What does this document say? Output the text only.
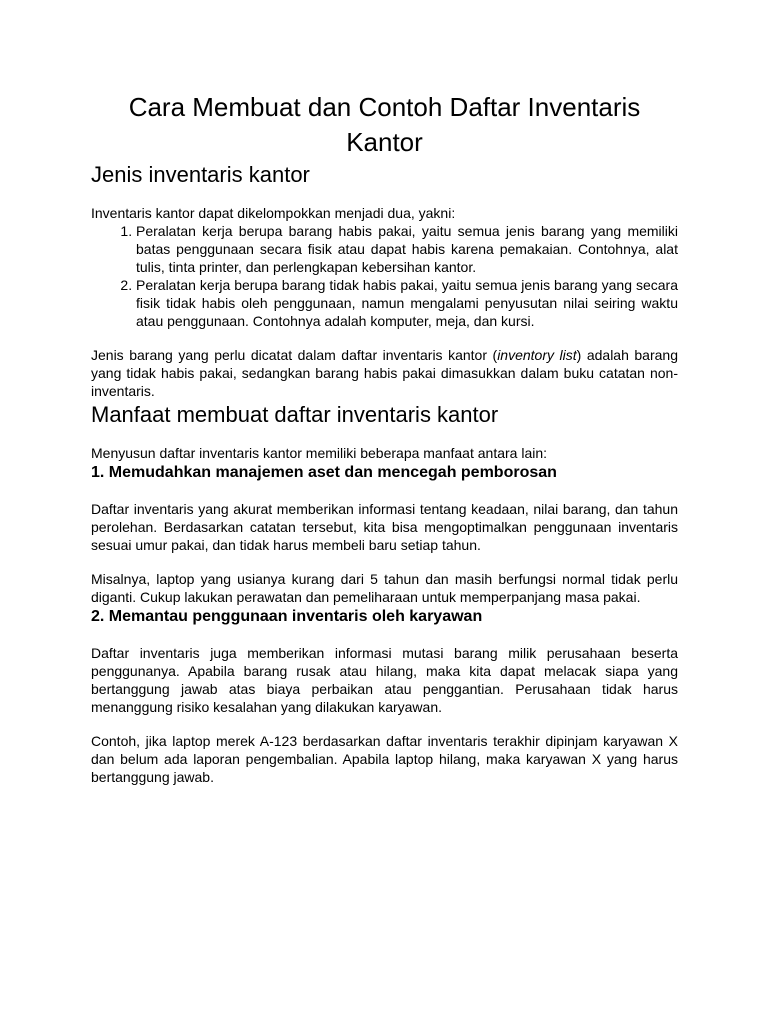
Cara Membuat dan Contoh Daftar Inventaris Kantor
Jenis inventaris kantor

Inventaris kantor dapat dikelompokkan menjadi dua, yakni:

1. Peralatan kerja berupa barang habis pakai, yaitu semua jenis barang yang memiliki batas penggunaan secara fisik atau dapat habis karena pemakaian. Contohnya, alat tulis, tinta printer, dan perlengkapan kebersihan kantor.
2. Peralatan kerja berupa barang tidak habis pakai, yaitu semua jenis barang yang secara fisik tidak habis oleh penggunaan, namun mengalami penyusutan nilai seiring waktu atau penggunaan. Contohnya adalah komputer, meja, dan kursi.

Jenis barang yang perlu dicatat dalam daftar inventaris kantor (inventory list) adalah barang yang tidak habis pakai, sedangkan barang habis pakai dimasukkan dalam buku catatan non-inventaris.

Manfaat membuat daftar inventaris kantor

Menyusun daftar inventaris kantor memiliki beberapa manfaat antara lain:

1. Memudahkan manajemen aset dan mencegah pemborosan

Daftar inventaris yang akurat memberikan informasi tentang keadaan, nilai barang, dan tahun perolehan. Berdasarkan catatan tersebut, kita bisa mengoptimalkan penggunaan inventaris sesuai umur pakai, dan tidak harus membeli baru setiap tahun.

Misalnya, laptop yang usianya kurang dari 5 tahun dan masih berfungsi normal tidak perlu diganti. Cukup lakukan perawatan dan pemeliharaan untuk memperpanjang masa pakai.

2. Memantau penggunaan inventaris oleh karyawan

Daftar inventaris juga memberikan informasi mutasi barang milik perusahaan beserta penggunanya. Apabila barang rusak atau hilang, maka kita dapat melacak siapa yang bertanggung jawab atas biaya perbaikan atau penggantian. Perusahaan tidak harus menanggung risiko kesalahan yang dilakukan karyawan.

Contoh, jika laptop merek A-123 berdasarkan daftar inventaris terakhir dipinjam karyawan X dan belum ada laporan pengembalian. Apabila laptop hilang, maka karyawan X yang harus bertanggung jawab.
